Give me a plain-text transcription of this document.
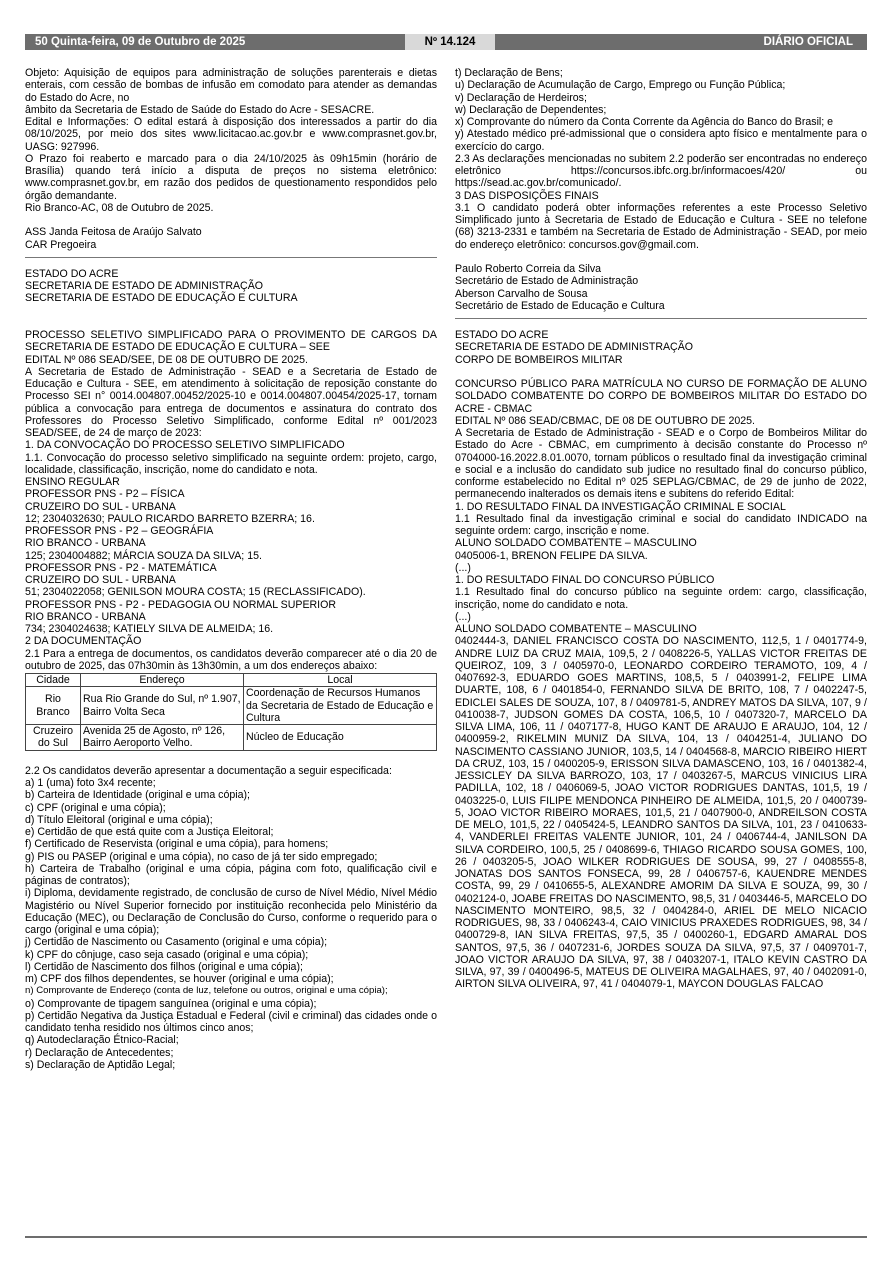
50 Quinta-feira, 09 de Outubro de 2025	Nº 14.124	DIÁRIO OFICIAL
Objeto: Aquisição de equipos para administração de soluções parenterais e dietas enterais, com cessão de bombas de infusão em comodato para atender as demandas do Estado do Acre, no
âmbito da Secretaria de Estado de Saúde do Estado do Acre - SESACRE.
Edital e Informações: O edital estará à disposição dos interessados a partir do dia 08/10/2025, por meio dos sites www.licitacao.ac.gov.br e www.comprasnet.gov.br, UASG: 927996.
O Prazo foi reaberto e marcado para o dia 24/10/2025 às 09h15min (horário de Brasília) quando terá início a disputa de preços no sistema eletrônico: www.comprasnet.gov.br, em razão dos pedidos de questionamento respondidos pelo órgão demandante.
Rio Branco-AC, 08 de Outubro de 2025.
ASS Janda Feitosa de Araújo Salvato
CAR Pregoeira
ESTADO DO ACRE
SECRETARIA DE ESTADO DE ADMINISTRAÇÃO
SECRETARIA DE ESTADO DE EDUCAÇÃO E CULTURA
PROCESSO SELETIVO SIMPLIFICADO PARA O PROVIMENTO DE CARGOS DA SECRETARIA DE ESTADO DE EDUCAÇÃO E CULTURA – SEE
EDITAL Nº 086 SEAD/SEE, DE 08 DE OUTUBRO DE 2025.
A Secretaria de Estado de Administração - SEAD e a Secretaria de Estado de Educação e Cultura - SEE, em atendimento à solicitação de reposição constante do Processo SEI n° 0014.004807.00452/2025-10 e 0014.004807.00454/2025-17, tornam pública a convocação para entrega de documentos e assinatura do contrato dos Professores do Processo Seletivo Simplificado, conforme Edital nº 001/2023 SEAD/SEE, de 24 de março de 2023:
1. DA CONVOCAÇÃO DO PROCESSO SELETIVO SIMPLIFICADO
1.1. Convocação do processo seletivo simplificado na seguinte ordem: projeto, cargo, localidade, classificação, inscrição, nome do candidato e nota.
ENSINO REGULAR
PROFESSOR PNS - P2 – FÍSICA
CRUZEIRO DO SUL - URBANA
12; 2304032630; PAULO RICARDO BARRETO BZERRA; 16.
PROFESSOR PNS - P2 – GEOGRÁFIA
RIO BRANCO - URBANA
125; 2304004882; MÁRCIA SOUZA DA SILVA; 15.
PROFESSOR PNS - P2 - MATEMÁTICA
CRUZEIRO DO SUL - URBANA
51; 2304022058; GENILSON MOURA COSTA; 15 (RECLASSIFICADO).
PROFESSOR PNS - P2 - PEDAGOGIA OU NORMAL SUPERIOR
RIO BRANCO - URBANA
734; 2304024638; KATIELY SILVA DE ALMEIDA; 16.
2 DA DOCUMENTAÇÃO
2.1 Para a entrega de documentos, os candidatos deverão comparecer até o dia 20 de outubro de 2025, das 07h30min às 13h30min, a um dos endereços abaixo:
Cidade	Endereço	Local
Rio Branco	Rua Rio Grande do Sul, nº 1.907, Bairro Volta Seca	Coordenação de Recursos Humanos da Secretaria de Estado de Educação e Cultura
Cruzeiro do Sul	Avenida 25 de Agosto, nº 126, Bairro Aeroporto Velho.	Núcleo de Educação
2.2 Os candidatos deverão apresentar a documentação a seguir especificada:
a) 1 (uma) foto 3x4 recente;
b) Carteira de Identidade (original e uma cópia);
c) CPF (original e uma cópia);
d) Título Eleitoral (original e uma cópia);
e) Certidão de que está quite com a Justiça Eleitoral;
f) Certificado de Reservista (original e uma cópia), para homens;
g) PIS ou PASEP (original e uma cópia), no caso de já ter sido empregado;
h) Carteira de Trabalho (original e uma cópia, página com foto, qualificação civil e páginas de contratos);
i) Diploma, devidamente registrado, de conclusão de curso de Nível Médio, Nível Médio Magistério ou Nível Superior fornecido por instituição reconhecida pelo Ministério da Educação (MEC), ou Declaração de Conclusão do Curso, conforme o requerido para o cargo (original e uma cópia);
j) Certidão de Nascimento ou Casamento (original e uma cópia);
k) CPF do cônjuge, caso seja casado (original e uma cópia);
l) Certidão de Nascimento dos filhos (original e uma cópia);
m) CPF dos filhos dependentes, se houver (original e uma cópia);
n) Comprovante de Endereço (conta de luz, telefone ou outros, original e uma cópia);
o) Comprovante de tipagem sanguínea (original e uma cópia);
p) Certidão Negativa da Justiça Estadual e Federal (civil e criminal) das cidades onde o candidato tenha residido nos últimos cinco anos;
q) Autodeclaração Étnico-Racial;
r) Declaração de Antecedentes;
s) Declaração de Aptidão Legal;
t) Declaração de Bens;
u) Declaração de Acumulação de Cargo, Emprego ou Função Pública;
v) Declaração de Herdeiros;
w) Declaração de Dependentes;
x) Comprovante do número da Conta Corrente da Agência do Banco do Brasil; e
y) Atestado médico pré-admissional que o considera apto físico e mentalmente para o exercício do cargo.
2.3 As declarações mencionadas no subitem 2.2 poderão ser encontradas no endereço eletrônico https://concursos.ibfc.org.br/informacoes/420/ ou https://sead.ac.gov.br/comunicado/.
3 DAS DISPOSIÇÕES FINAIS
3.1 O candidato poderá obter informações referentes a este Processo Seletivo Simplificado junto à Secretaria de Estado de Educação e Cultura - SEE no telefone (68) 3213-2331 e também na Secretaria de Estado de Administração - SEAD, por meio do endereço eletrônico: concursos.gov@gmail.com.
Paulo Roberto Correia da Silva
Secretário de Estado de Administração
Aberson Carvalho de Sousa
Secretário de Estado de Educação e Cultura
ESTADO DO ACRE
SECRETARIA DE ESTADO DE ADMINISTRAÇÃO
CORPO DE BOMBEIROS MILITAR
CONCURSO PÚBLICO PARA MATRÍCULA NO CURSO DE FORMAÇÃO DE ALUNO SOLDADO COMBATENTE DO CORPO DE BOMBEIROS MILITAR DO ESTADO DO ACRE - CBMAC
EDITAL Nº 086 SEAD/CBMAC, DE 08 DE OUTUBRO DE 2025.
A Secretaria de Estado de Administração - SEAD e o Corpo de Bombeiros Militar do Estado do Acre - CBMAC, em cumprimento à decisão constante do Processo nº 0704000-16.2022.8.01.0070, tornam públicos o resultado final da investigação criminal e social e a inclusão do candidato sub judice no resultado final do concurso público, conforme estabelecido no Edital nº 025 SEPLAG/CBMAC, de 29 de junho de 2022, permanecendo inalterados os demais itens e subitens do referido Edital:
1. DO RESULTADO FINAL DA INVESTIGAÇÃO CRIMINAL E SOCIAL
1.1 Resultado final da investigação criminal e social do candidato INDICADO na seguinte ordem: cargo, inscrição e nome.
ALUNO SOLDADO COMBATENTE – MASCULINO
0405006-1, BRENON FELIPE DA SILVA.
(...)
1. DO RESULTADO FINAL DO CONCURSO PÚBLICO
1.1 Resultado final do concurso público na seguinte ordem: cargo, classificação, inscrição, nome do candidato e nota.
(...)
ALUNO SOLDADO COMBATENTE – MASCULINO
0402444-3, DANIEL FRANCISCO COSTA DO NASCIMENTO, 112,5, 1 / 0401774-9, ANDRE LUIZ DA CRUZ MAIA, 109,5, 2 / 0408226-5, YALLAS VICTOR FREITAS DE QUEIROZ, 109, 3 / 0405970-0, LEONARDO CORDEIRO TERAMOTO, 109, 4 / 0407692-3, EDUARDO GOES MARTINS, 108,5, 5 / 0403991-2, FELIPE LIMA DUARTE, 108, 6 / 0401854-0, FERNANDO SILVA DE BRITO, 108, 7 / 0402247-5, EDICLEI SALES DE SOUZA, 107, 8 / 0409781-5, ANDREY MATOS DA SILVA, 107, 9 / 0410038-7, JUDSON GOMES DA COSTA, 106,5, 10 / 0407320-7, MARCELO DA SILVA LIMA, 106, 11 / 0407177-8, HUGO KANT DE ARAUJO E ARAUJO, 104, 12 / 0400959-2, RIKELMIN MUNIZ DA SILVA, 104, 13 / 0404251-4, JULIANO DO NASCIMENTO CASSIANO JUNIOR, 103,5, 14 / 0404568-8, MARCIO RIBEIRO HIERT DA CRUZ, 103, 15 / 0400205-9, ERISSON SILVA DAMASCENO, 103, 16 / 0401382-4, JESSICLEY DA SILVA BARROZO, 103, 17 / 0403267-5, MARCUS VINICIUS LIRA PADILLA, 102, 18 / 0406069-5, JOAO VICTOR RODRIGUES DANTAS, 101,5, 19 / 0403225-0, LUIS FILIPE MENDONCA PINHEIRO DE ALMEIDA, 101,5, 20 / 0400739-5, JOAO VICTOR RIBEIRO MORAES, 101,5, 21 / 0407900-0, ANDREILSON COSTA DE MELO, 101,5, 22 / 0405424-5, LEANDRO SANTOS DA SILVA, 101, 23 / 0410633-4, VANDERLEI FREITAS VALENTE JUNIOR, 101, 24 / 0406744-4, JANILSON DA SILVA CORDEIRO, 100,5, 25 / 0408699-6, THIAGO RICARDO SOUSA GOMES, 100, 26 / 0403205-5, JOAO WILKER RODRIGUES DE SOUSA, 99, 27 / 0408555-8, JONATAS DOS SANTOS FONSECA, 99, 28 / 0406757-6, KAUENDRE MENDES COSTA, 99, 29 / 0410655-5, ALEXANDRE AMORIM DA SILVA E SOUZA, 99, 30 / 0402124-0, JOABE FREITAS DO NASCIMENTO, 98,5, 31 / 0403446-5, MARCELO DO NASCIMENTO MONTEIRO, 98,5, 32 / 0404284-0, ARIEL DE MELO NICACIO RODRIGUES, 98, 33 / 0406243-4, CAIO VINICIUS PRAXEDES RODRIGUES, 98, 34 / 0400729-8, IAN SILVA FREITAS, 97,5, 35 / 0400260-1, EDGARD AMARAL DOS SANTOS, 97,5, 36 / 0407231-6, JORDES SOUZA DA SILVA, 97,5, 37 / 0409701-7, JOAO VICTOR ARAUJO DA SILVA, 97, 38 / 0403207-1, ITALO KEVIN CASTRO DA SILVA, 97, 39 / 0400496-5, MATEUS DE OLIVEIRA MAGALHAES, 97, 40 / 0402091-0, AIRTON SILVA OLIVEIRA, 97, 41 / 0404079-1, MAYCON DOUGLAS FALCAO
